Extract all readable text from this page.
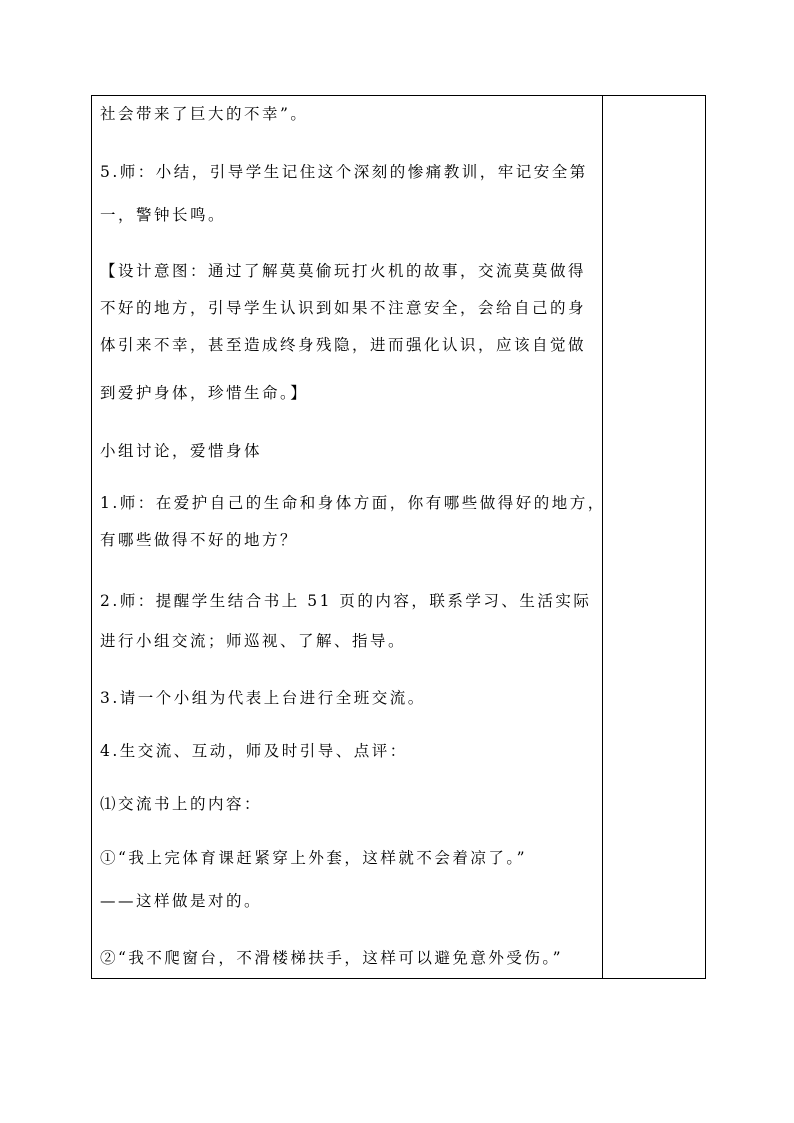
社会带来了巨大的不幸”。
5.师：小结，引导学生记住这个深刻的惨痛教训，牢记安全第
一，警钟长鸣。
【设计意图：通过了解莫莫偷玩打火机的故事，交流莫莫做得
不好的地方，引导学生认识到如果不注意安全，会给自己的身
体引来不幸，甚至造成终身残隐，进而强化认识，应该自觉做
到爱护身体，珍惜生命。】
小组讨论，爱惜身体
1.师：在爱护自己的生命和身体方面，你有哪些做得好的地方，
有哪些做得不好的地方？
2.师：提醒学生结合书上 51 页的内容，联系学习、生活实际
进行小组交流；师巡视、了解、指导。
3.请一个小组为代表上台进行全班交流。
4.生交流、互动，师及时引导、点评：
⑴交流书上的内容：
①“我上完体育课赶紧穿上外套，这样就不会着凉了。”
——这样做是对的。
②“我不爬窗台，不滑楼梯扶手，这样可以避免意外受伤。”
